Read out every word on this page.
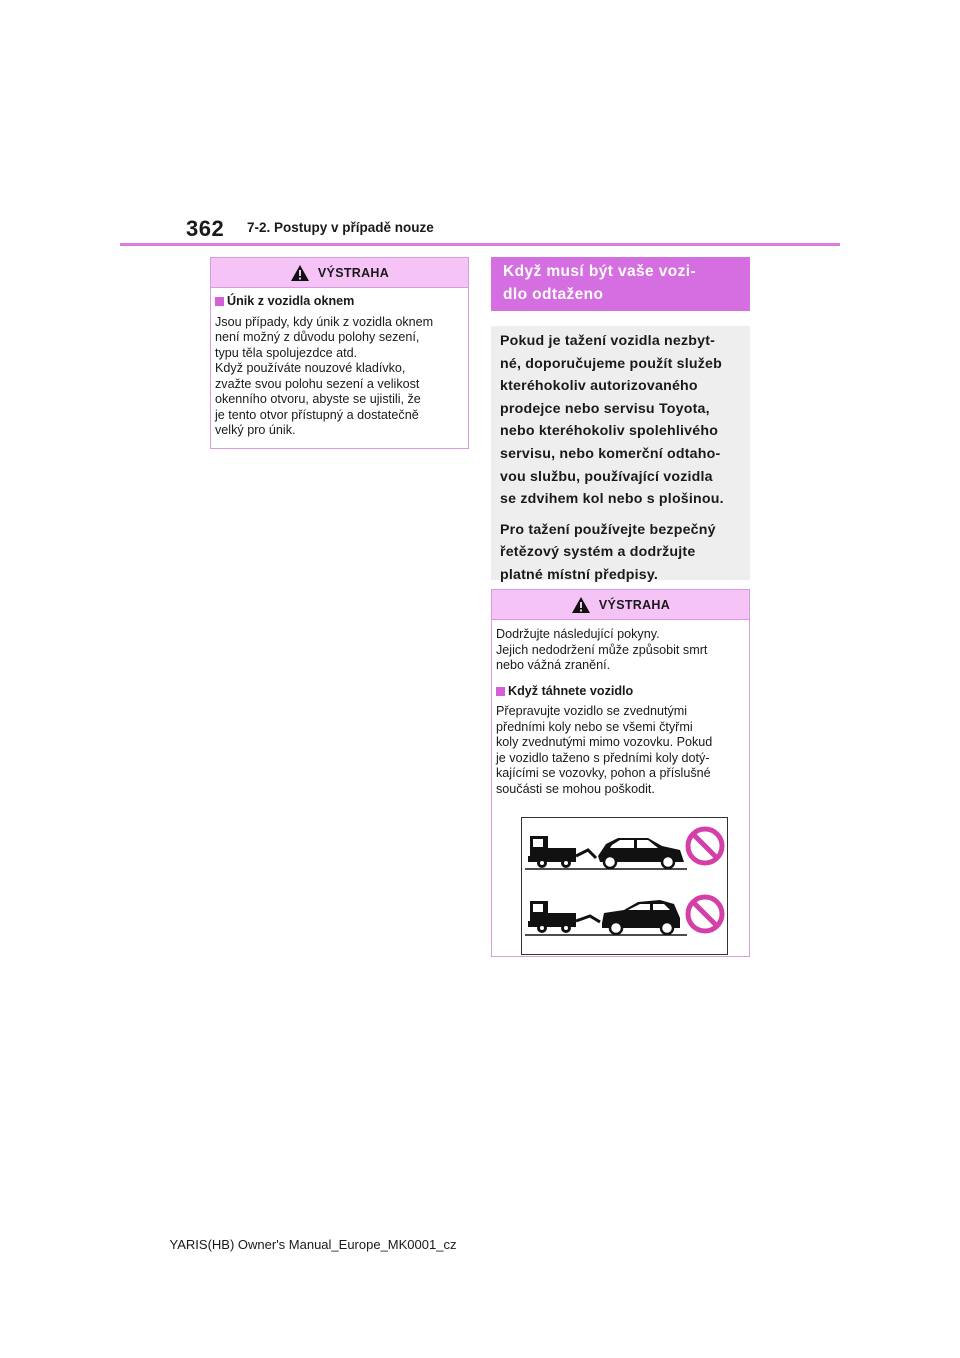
362 7-2. Postupy v případě nouze
VÝSTRAHA
Únik z vozidla oknem
Jsou případy, kdy únik z vozidla oknem
není možný z důvodu polohy sezení,
typu těla spolujezdce atd.
Když používáte nouzové kladívko,
zvažte svou polohu sezení a velikost
okenního otvoru, abyste se ujistili, že
je tento otvor přístupný a dostatečně
velký pro únik.
Když musí být vaše vozi-
dlo odtaženo

Pokud je tažení vozidla nezbyt-
né, doporučujeme použít služeb
kteréhokoliv autorizovaného
prodejce nebo servisu Toyota,
nebo kteréhokoliv spolehlivého
servisu, nebo komerční odtaho-
vou službu, používající vozidla
se zdvihem kol nebo s plošinou.

Pro tažení používejte bezpečný
řetězový systém a dodržujte
platné místní předpisy.

VÝSTRAHA
Dodržujte následující pokyny.
Jejich nedodržení může způsobit smrt
nebo vážná zranění.
Když táhnete vozidlo
Přepravujte vozidlo se zvednutými
předními koly nebo se všemi čtyřmi
koly zvednutými mimo vozovku. Pokud
je vozidlo taženo s předními koly dotý-
kajícími se vozovky, pohon a příslušné
součásti se mohou poškodit.
YARIS(HB) Owner's Manual_Europe_MK0001_cz
